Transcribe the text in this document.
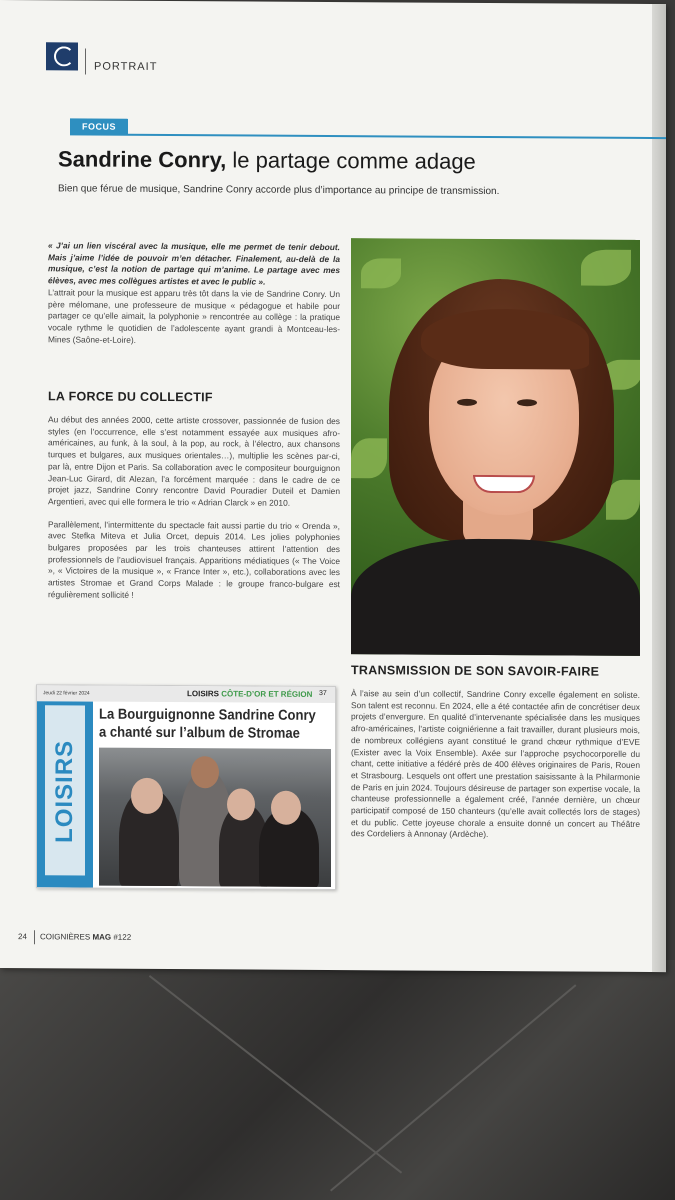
PORTRAIT
FOCUS
Sandrine Conry, le partage comme adage
Bien que férue de musique, Sandrine Conry accorde plus d’importance au principe de transmission.

« J’ai un lien viscéral avec la musique, elle me permet de tenir debout. Mais j’aime l’idée de pouvoir m’en détacher. Finalement, au-delà de la musique, c’est la notion de partage qui m’anime. Le partage avec mes élèves, avec mes collègues artistes et avec le public ».

L’attrait pour la musique est apparu très tôt dans la vie de Sandrine Conry. Un père mélomane, une professeure de musique « pédagogue et habile pour partager ce qu’elle aimait, la polyphonie » rencontrée au collège : la pratique vocale rythme le quotidien de l’adolescente ayant grandi à Montceau-les-Mines (Saône-et-Loire).

LA FORCE DU COLLECTIF

Au début des années 2000, cette artiste crossover, passionnée de fusion des styles (en l’occurrence, elle s’est notamment essayée aux musiques afro-américaines, au funk, à la soul, à la pop, au rock, à l’électro, aux chansons turques et bulgares, aux musiques orientales…), multiplie les scènes par-ci, par là, entre Dijon et Paris. Sa collaboration avec le compositeur bourguignon Jean-Luc Girard, dit Alezan, l’a forcément marquée : dans le cadre de ce projet jazz, Sandrine Conry rencontre David Pouradier Duteil et Damien Argentieri, avec qui elle formera le trio « Adrian Clarck » en 2010.

Parallèlement, l’intermittente du spectacle fait aussi partie du trio « Orenda », avec Stefka Miteva et Julia Orcet, depuis 2014. Les jolies polyphonies bulgares proposées par les trois chanteuses attirent l’attention des professionnels de l’audiovisuel français. Apparitions médiatiques (« The Voice », « Victoires de la musique », « France Inter », etc.), collaborations avec les artistes Stromae et Grand Corps Malade : le groupe franco-bulgare est régulièrement sollicité !

TRANSMISSION DE SON SAVOIR-FAIRE

À l’aise au sein d’un collectif, Sandrine Conry excelle également en soliste. Son talent est reconnu. En 2024, elle a été contactée afin de concrétiser deux projets d’envergure. En qualité d’intervenante spécialisée dans les musiques afro-américaines, l’artiste coigniérienne a fait travailler, durant plusieurs mois, de nombreux collégiens ayant constitué le grand chœur rythmique d’EVE (Exister avec la Voix Ensemble). Axée sur l’approche psychocorporelle du chant, cette initiative a fédéré près de 400 élèves originaires de Paris, Rouen et Strasbourg. Lesquels ont offert une prestation saisissante à la Philarmonie de Paris en juin 2024. Toujours désireuse de partager son expertise vocale, la chanteuse professionnelle a également créé, l’année dernière, un chœur participatif composé de 150 chanteurs (qu’elle avait collectés lors de stages) et du public. Cette joyeuse chorale a ensuite donné un concert au Théâtre des Cordeliers à Annonay (Ardèche).

Jeudi 22 février 2024	LOISIRS CÔTE-D’OR ET RÉGION 37
LOISIRS
La Bourguignonne Sandrine Conry
a chanté sur l’album de Stromae
24 COIGNIÈRES MAG #122
